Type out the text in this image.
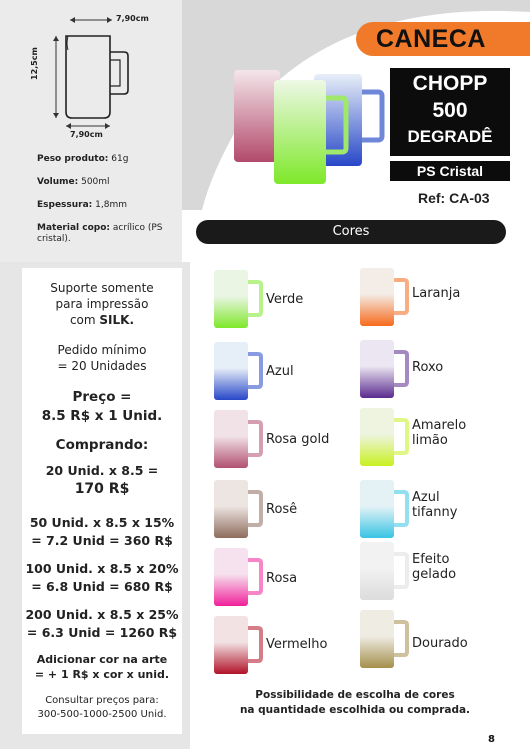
7,90cm
12,5cm
7,90cm

Peso produto: 61g

Volume: 500ml

Espessura: 1,8mm

Material copo: acrílico (PS cristal).

Suporte somente
para impressão
com SILK.
Pedido mínimo
= 20 Unidades
Preço =
8.5 R$ x 1 Unid.
Comprando:
20 Unid. x 8.5 =
170 R$
50 Unid. x 8.5 x 15%
= 7.2 Unid = 360 R$
100 Unid. x 8.5 x 20%
= 6.8 Unid = 680 R$
200 Unid. x 8.5 x 25%
= 6.3 Unid = 1260 R$
Adicionar cor na arte
= + 1 R$ x cor x unid.
Consultar preços para:
300-500-1000-2500 Unid.
CANECA
CHOPP
500
DEGRADÊ
PS Cristal
Ref: CA-03
Cores
Verde
Azul
Rosa gold
Rosê
Rosa
Vermelho
Laranja
Roxo
Amarelo
limão
Azul
tifanny
Efeito
gelado
Dourado
Possibilidade de escolha de cores
na quantidade escolhida ou comprada.
8
